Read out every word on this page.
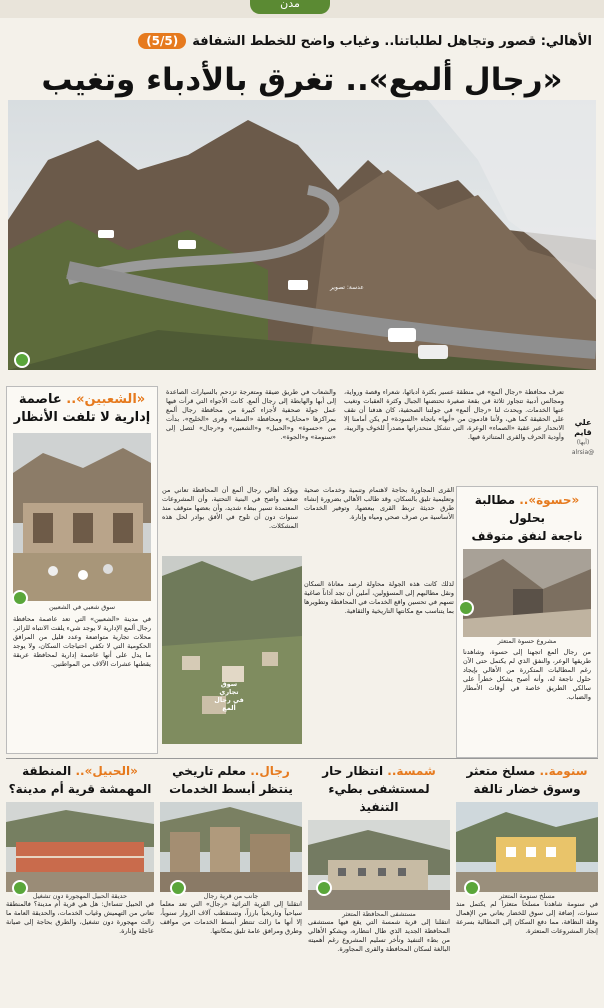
مدن
الأهالي: قصور وتجاهل لطلباتنا.. وغياب واضح للخطط الشفافة
(5/5)
«رجال ألمع».. تغرق بالأدباء وتغيب
عدسة: تصوير
علي قايم
(أبها)
@alrsia
تعرف محافظة «رجال ألمع» في منطقة عسير بكثرة أدبائها، شعراء وقصة ورواية، ومجالس أدبية تتجاوز ثلاثة في بقعة صغيرة تحتضنها الجبال وكثرة العقبات وتغيب عنها الخدمات. ويحدث لنا «رجال ألمع» في جولتنا الصحفية، كان هدفنا أن نقف على الحقيقة كما هي، ولأننا قادمون من «أبها» باتجاه «السودة» لم يكن أمامنا إلا الانحدار عبر عقبة «الصماء» الوعرة، التي تشكل منحدراتها مصدراً للخوف والريبة، وأودية الحرف والقرى المتناثرة فيها.
والشعاب في طريق ضيقة ومتعرجة تزدحم بالسيارات الصاعدة إلى أبها والهابطة إلى رجال ألمع. كانت الأجواء التي قرأت فيها عمل جولة صحفية لأجزاء كبيرة من محافظة رجال ألمع بمراكزها «محايل» ومحافظة «السقا» وقرى «الخليج»، بدأت من «حسوة» و«الحبيل» و«الشعبين» و«رجال» لتصل إلى «سنومة» و«الجوة».
«الشعبين».. عاصمة
إدارية لا تلفت الأنظار
سوق شعبي في الشعبين
في مدينة «الشعبين» التي تعد عاصمة محافظة رجال ألمع الإدارية لا يوجد شيء يلفت الانتباه للزائر. محلات تجارية متواضعة وعدد قليل من المرافق الحكومية التي لا تكفي احتياجات السكان، ولا يوجد ما يدل على أنها عاصمة إدارية لمحافظة عريقة يقطنها عشرات الآلاف من المواطنين.
«حسوة».. مطالبة بحلول
ناجعة لنفق متوقف
مشروع حسوة المتعثر
من رجال ألمع اتجهنا إلى حسوة، وشاهدنا طريقها الوعر، والنفق الذي لم يكتمل حتى الآن رغم المطالبات المتكررة من الأهالي بإيجاد حلول ناجعة له، وأنه أصبح يشكل خطراً على سالكي الطريق خاصة في أوقات الأمطار والضباب.
القرى المجاورة بحاجة لاهتمام وتنمية وخدمات صحية وتعليمية تليق بالسكان، وقد طالب الأهالي بضرورة إنشاء طرق حديثة تربط القرى ببعضها، وتوفير الخدمات الأساسية من صرف صحي ومياه وإنارة.
ويؤكد أهالي رجال ألمع أن المحافظة تعاني من ضعف واضح في البنية التحتية، وأن المشروعات المعتمدة تسير ببطء شديد، وأن بعضها متوقف منذ سنوات دون أن تلوح في الأفق بوادر لحل هذه المشكلات.
سوق تجاري في رجال ألمع
لذلك كانت هذه الجولة محاولة لرصد معاناة السكان ونقل مطالبهم إلى المسؤولين، آملين أن تجد آذاناً صاغية تسهم في تحسين واقع الخدمات في المحافظة وتطويرها بما يتناسب مع مكانتها التاريخية والثقافية.
سنومة.. مسلخ متعثر
وسوق خضار تالفة
مسلخ سنومة المتعثر
في سنومة شاهدنا مسلخاً متعثراً لم يكتمل منذ سنوات، إضافة إلى سوق للخضار يعاني من الإهمال وقلة النظافة، مما دفع السكان إلى المطالبة بسرعة إنجاز المشروعات المتعثرة.
شمسة.. انتظار حار
لمستشفى بطيء التنفيذ
مستشفى المحافظة المتعثر
انتقلنا إلى قرية شمسة التي يقع فيها مستشفى المحافظة الجديد الذي طال انتظاره، ويشكو الأهالي من بطء التنفيذ وتأخر تسليم المشروع رغم أهميته البالغة لسكان المحافظة والقرى المجاورة.
رجال.. معلم تاريخي
ينتظر أبسط الخدمات
جانب من قرية رجال
انتقلنا إلى القرية التراثية «رجال» التي تعد معلماً سياحياً وتاريخياً بارزاً، وتستقطب آلاف الزوار سنوياً، إلا أنها ما زالت تنتظر أبسط الخدمات من مواقف وطرق ومرافق عامة تليق بمكانتها.
«الحبيل».. المنطقة
المهمشة قرية أم مدينة؟
حديقة الحبيل المهجورة دون تشغيل
في الحبيل تتساءل: هل هي قرية أم مدينة؟ فالمنطقة تعاني من التهميش وغياب الخدمات، والحديقة العامة ما زالت مهجورة دون تشغيل، والطرق بحاجة إلى صيانة عاجلة وإنارة.
